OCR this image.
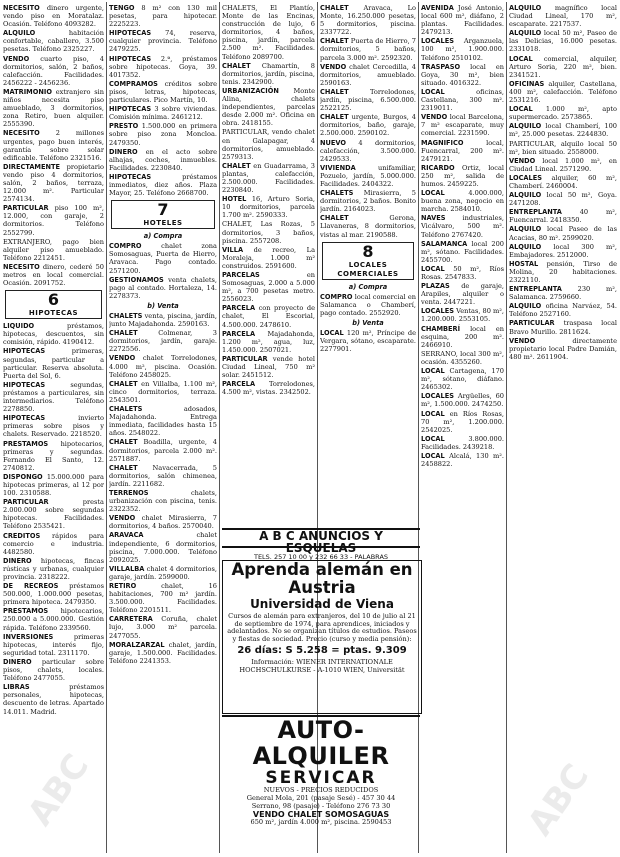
NECESITO dinero urgente, vendo piso en Moratalaz. Ocasión. Teléfono 4093282.
ALQUILO habitación confortable, caballero, 3.500 pesetas. Teléfono 2325227.
VENDO cuarto piso, 4 dormitorios, salón, 2 baños, calefacción. Facilidades. 2456222 - 2456236.
MATRIMONIO extranjero sin niños necesita piso amueblado, 3 dormitorios, zona Retiro, buen alquiler. 2555390.
NECESITO 2 millones urgentes, pago buen interés, garantía sobre solar edificable. Teléfono 2321516.
DIRECTAMENTE propietario vendo piso 4 dormitorios, salón, 2 baños, terraza, 12.000 m². Particular 2574134.
PARTICULAR piso 100 m², 12.000, con garaje, 2 dormitorios. Teléfono 2552799.
EXTRANJERO, pago bien alquiler piso amueblado. Teléfono 2212451.
NECESITO dinero, cederé 50 metros en local comercial. Ocasión. 2091752.
6
HIPOTECAS
LIQUIDO préstamos, hipotecas, descuentos, sin comisión, rápido. 4190412.
HIPOTECAS primeras, segundas, particular a particular. Reserva absoluta. Puerta del Sol, 6.
HIPOTECAS segundas, préstamos a particulares, sin intermediarios. Teléfono 2278850.
HIPOTECAS invierto primeras sobre pisos y chalets. Reservado. 2218520.
PRESTAMOS hipotecarios, primeras y segundas. Fernando El Santo, 12. 2740812.
DISPONGO 15.000.000 para hipotecas primeras, al 12 por 100. 2310588.
PARTICULAR presta 2.000.000 sobre segundas hipotecas. Facilidades. Teléfono 2535421.
CREDITOS rápidos para comercio e industria. 4482580.
DINERO hipotecas, fincas rústicas y urbanas, cualquier provincia. 2318222.
DE RECREOS préstamos 500.000, 1.000.000 pesetas, primera hipoteca. 2479350.
PRESTAMOS hipotecarios, 250.000 a 5.000.000. Gestión rápida. Teléfono 2339560.
INVERSIONES primeras hipotecas, interés fijo, seguridad total. 2311170.
DINERO particular sobre pisos, chalets, locales. Teléfono 2477055.
LIBRAS préstamos personales, hipotecas, descuento de letras. Apartado 14.011. Madrid.
TENGO 8 m² con 130 mil pesetas, para hipotecar. 2225223.
HIPOTECAS 74, reserva, cualquier provincia. Teléfono 2479225.
HIPOTECAS 2.ª, préstamos sobre hipotecas. Goya, 39. 4017352.
COMPRAMOS créditos sobre pisos, letras, hipotecas, particulares. Pico Martín, 10.
HIPOTECAS 3 sobre viviendas. Comisión mínima. 2461212.
PRESTO 1.500.000 en primera sobre piso zona Moncloa. 2479350.
DINERO en el acto sobre alhajas, coches, inmuebles. Facilidades. 2230840.
HIPOTECAS préstamos inmediatos, diez años. Plaza Mayor, 25. Teléfono 2668700.
7
HOTELES
a) Compra
COMPRO chalet zona Somosaguas, Puerta de Hierro, Aravaca. Pago contado. 2571200.
GESTIONAMOS venta chalets, pago al contado. Hortaleza, 14. 2278373.
b) Venta
CHALETS venta, piscina, jardín, junto Majadahonda. 2590163.
CHALET Colmenar, 3 dormitorios, jardín, garaje. 2272556.
VENDO chalet Torrelodones, 4.000 m², piscina. Ocasión. Teléfono 2458025.
CHALET en Villalba, 1.100 m², cinco dormitorios, terraza. 2543501.
CHALETS adosados, Majadahonda. Entrega inmediata, facilidades hasta 15 años. 2548022.
CHALET Boadilla, urgente, 4 dormitorios, parcela 2.000 m². 2571887.
CHALET Navacerrada, 5 dormitorios, salón chimenea, jardín. 2211682.
TERRENOS chalets, urbanización con piscina, tenis. 2322352.
VENDO chalet Mirasierra, 7 dormitorios, 4 baños. 2570040.
ARAVACA chalet independiente, 6 dormitorios, piscina, 7.000.000. Teléfono 2092025.
VILLALBA chalet 4 dormitorios, garaje, jardín. 2599000.
RETIRO chalet, 16 habitaciones, 700 m² jardín. 3.500.000. Facilidades. Teléfono 2201511.
CARRETERA Coruña, chalet lujo, 3.000 m² parcela. 2477055.
MORALZARZAL chalet, jardín, garaje, 1.500.000. Facilidades. Teléfono 2241353.
CHALETS, El Plantío, Monte de las Encinas, construcción de lujo, 6 dormitorios, 4 baños, piscina, jardín, parcela 2.500 m². Facilidades. Teléfono 2089700.
CHALET Chamartín, 8 dormitorios, jardín, piscina, tenis. 2342900.
URBANIZACIÓN Monte Alina, chalets independientes, parcelas desde 2.000 m². Oficina en obra. 2418155.
PARTICULAR, vendo chalet en Galapagar, 4 dormitorios, amueblado. 2579313.
CHALET en Guadarrama, 3 plantas, calefacción, 2.500.000. Facilidades. 2230840.
HOTEL 16, Arturo Soria, 10 dormitorios, parcela 1.700 m². 2590333.
CHALET, Las Rozas, 5 dormitorios, 3 baños, piscina. 2557208.
VILLA de recreo, La Moraleja, 1.000 m² construidos. 2591600.
PARCELAS en Somosaguas, 2.000 a 5.000 m², a 700 pesetas metro. 2556023.
PARCELA con proyecto de chalet, El Escorial, 4.500.000. 2478610.
PARCELA Majadahonda, 1.200 m², agua, luz, 1.450.000. 2507021.
PARTICULAR vende hotel Ciudad Lineal, 750 m² solar. 2451512.
PARCELA Torrelodones, 4.500 m², vistas. 2342502.
CHALET Aravaca, Lo Monte, 16.250.000 pesetas, 5 dormitorios, piscina. 2337722.
CHALET Puerta de Hierro, 7 dormitorios, 5 baños, parcela 3.000 m². 2592320.
VENDO chalet Cercedilla, 4 dormitorios, amueblado. 2590163.
CHALET Torrelodones, jardín, piscina, 6.500.000. 2522125.
CHALET urgente, Burgos, 4 dormitorios, baño, garaje, 2.500.000. 2590102.
NUEVO 4 dormitorios, calefacción, 3.500.000. 2429533.
VIVIENDA unifamiliar, Pozuelo, jardín, 5.000.000. Facilidades. 2404322.
CHALETS Mirasierra, 5 dormitorios, 2 baños. Bonito jardín. 2164023.
CHALET Gerona, Llavaneras, 8 dormitorios, vistas al mar. 2190588.
8
LOCALES COMERCIALES
a) Compra
COMPRO local comercial en Salamanca o Chamberí, pago contado. 2552920.
b) Venta
LOCAL 120 m², Príncipe de Vergara, sótano, escaparate. 2277901.
AVENIDA José Antonio, local 600 m², diáfano, 2 plantas. Facilidades. 2479213.
LOCALES Arganzuela, 100 m², 1.900.000. Teléfono 2510102.
TRASPASO local en Goya, 30 m², bien situado. 4016322.
LOCAL oficinas, Castellana, 300 m². 2319011.
VENDO local Barcelona, 7 m² escaparate, muy comercial. 2231590.
MAGNIFICO local, Fuencarral, 200 m². 2479121.
RICARDO Ortiz, local 250 m², salida de humos. 2459225.
LOCAL 4.000.000, buena zona, negocio en marcha. 2584010.
NAVES industriales, Vicálvaro, 500 m². Teléfono 2767420.
SALAMANCA local 200 m², sótano. Facilidades. 2455700.
LOCAL 50 m², Ríos Rosas. 2547833.
PLAZAS de garaje, Arapiles, alquiler o venta. 2447221.
LOCALES Ventas, 80 m², 1.200.000. 2553105.
CHAMBERÍ local en esquina, 200 m². 2466910.
SERRANO, local 300 m², ocasión. 4355260.
LOCAL Cartagena, 170 m², sótano, diáfano. 2465302.
LOCALES Argüelles, 60 m², 1.500.000. 2474250.
LOCAL en Ríos Rosas, 70 m², 1.200.000. 2542025.
LOCAL 3.800.000. Facilidades. 2439218.
LOCAL Alcalá, 130 m². 2458822.
ALQUILO magnífico local Ciudad Lineal, 170 m², escaparate. 2217537.
ALQUILO local 50 m², Paseo de las Delicias, 16.000 pesetas. 2331018.
LOCAL comercial, alquiler, Arturo Soria, 220 m², bien. 2341521.
OFICINAS alquiler, Castellana, 400 m², calefacción. Teléfono 2531216.
LOCAL 1.000 m², apto supermercado. 2573865.
ALQUILO local Chamberí, 100 m², 25.000 pesetas. 2244830.
PARTICULAR, alquilo local 50 m², bien situado. 2558000.
VENDO local 1.000 m², en Ciudad Lineal. 2571290.
LOCALES alquiler, 60 m², Chamberí. 2460004.
ALQUILO local 50 m², Goya. 2471208.
ENTREPLANTA 40 m², Fuencarral. 2418350.
ALQUILO local Paseo de las Acacias, 80 m². 2599020.
ALQUILO local 300 m², Embajadores. 2512000.
HOSTAL pensión, Tirso de Molina, 20 habitaciones. 2322110.
ENTREPLANTA 230 m², Salamanca. 2759660.
ALQUILO oficina Narváez, 54. Teléfono 2527160.
PARTICULAR traspasa local Bravo Murillo. 2811624.
VENDO directamente propietario local Padre Damián, 480 m². 2611904.
A B C ANUNCIOS Y ESQUELAS
TELS. 257 10 00 y 232 66 33 - PALABRAS
Aprenda alemán en Austria
Universidad de Viena
Cursos de alemán para extranjeros, del 10 de julio al 21 de septiembre de 1974, para aprendices, iniciados y adelantados. No se organizan títulos de estudios. Paseos y fiestas de sociedad. Precio (curso y media pensión):
26 días: S 5.258 = ptas. 9.309
Información: WIENER INTERNATIONALE HOCHSCHULKURSE - A-1010 WIEN, Universität
AUTO-ALQUILER
SERVICAR
NUEVOS - PRECIOS REDUCIDOS
General Mola, 201 (pasaje Sesé) - 457 30 44
Serrano, 98 (pasaje) - Teléfono 276 73 30
VENDO CHALET SOMOSAGUAS
650 m², jardín 4.000 m², piscina. 2590453
ABC	ABC
